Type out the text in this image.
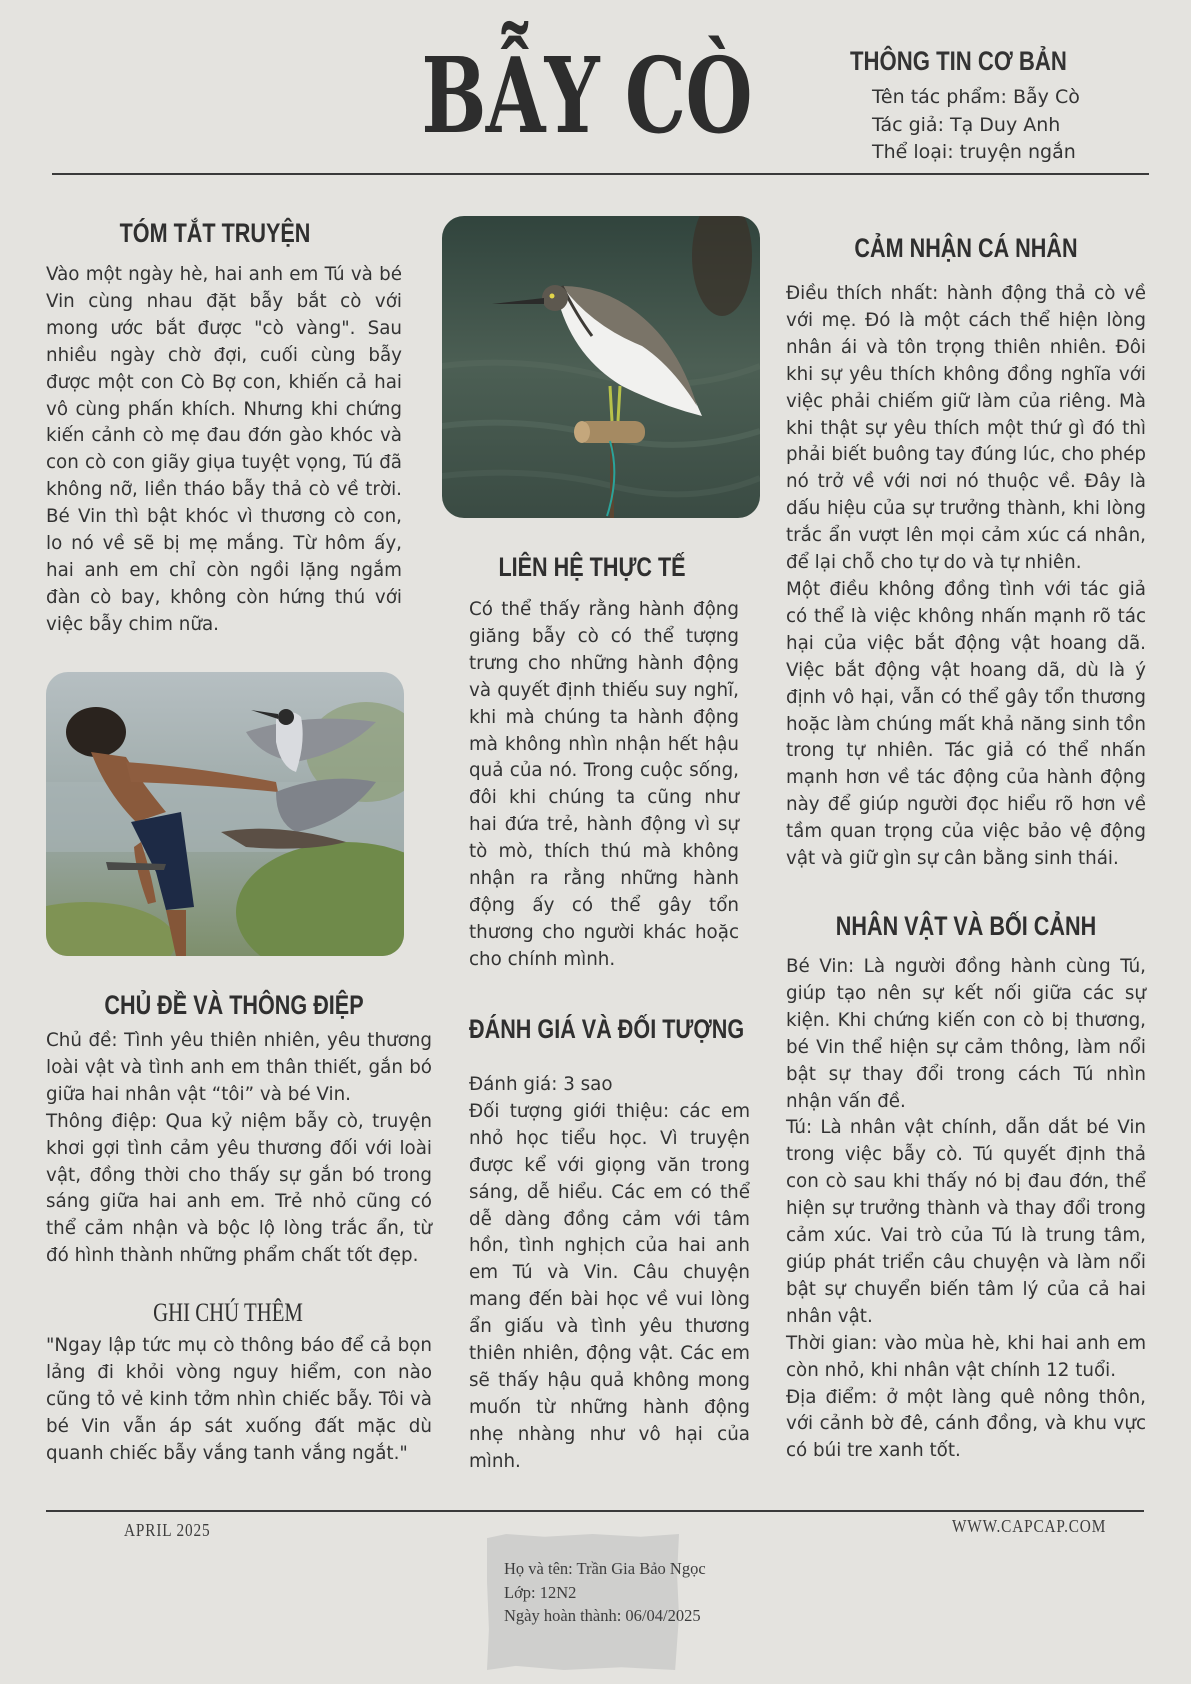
BẪY CÒ	THÔNG TIN CƠ BẢN
Tên tác phẩm: Bẫy Cò
Tác giả: Tạ Duy Anh
Thể loại: truyện ngắn
TÓM TẮT TRUYỆN

Vào một ngày hè, hai anh em Tú và bé Vin cùng nhau đặt bẫy bắt cò với mong ước bắt được "cò vàng". Sau nhiều ngày chờ đợi, cuối cùng bẫy được một con Cò Bợ con, khiến cả hai vô cùng phấn khích. Nhưng khi chứng kiến cảnh cò mẹ đau đớn gào khóc và con cò con giãy giụa tuyệt vọng, Tú đã không nỡ, liền tháo bẫy thả cò về trời. Bé Vin thì bật khóc vì thương cò con, lo nó về sẽ bị mẹ mắng. Từ hôm ấy, hai anh em chỉ còn ngồi lặng ngắm đàn cò bay, không còn hứng thú với việc bẫy chim nữa.

CHỦ ĐỀ VÀ THÔNG ĐIỆP
Chủ đề: Tình yêu thiên nhiên, yêu thương loài vật và tình anh em thân thiết, gắn bó giữa hai nhân vật “tôi” và bé Vin.
Thông điệp: Qua kỷ niệm bẫy cò, truyện khơi gợi tình cảm yêu thương đối với loài vật, đồng thời cho thấy sự gắn bó trong sáng giữa hai anh em. Trẻ nhỏ cũng có thể cảm nhận và bộc lộ lòng trắc ẩn, từ đó hình thành những phẩm chất tốt đẹp.
GHI CHÚ THÊM

"Ngay lập tức mụ cò thông báo để cả bọn lảng đi khỏi vòng nguy hiểm, con nào cũng tỏ vẻ kinh tởm nhìn chiếc bẫy. Tôi và bé Vin vẫn áp sát xuống đất mặc dù quanh chiếc bẫy vắng tanh vắng ngắt."

LIÊN HỆ THỰC TẾ

Có thể thấy rằng hành động giăng bẫy cò có thể tượng trưng cho những hành động và quyết định thiếu suy nghĩ, khi mà chúng ta hành động mà không nhìn nhận hết hậu quả của nó. Trong cuộc sống, đôi khi chúng ta cũng như hai đứa trẻ, hành động vì sự tò mò, thích thú mà không nhận ra rằng những hành động ấy có thể gây tổn thương cho người khác hoặc cho chính mình.

ĐÁNH GIÁ VÀ ĐỐI TƯỢNG
Đánh giá: 3 sao
Đối tượng giới thiệu: các em nhỏ học tiểu học. Vì truyện được kể với giọng văn trong sáng, dễ hiểu. Các em có thể dễ dàng đồng cảm với tâm hồn, tình nghịch của hai anh em Tú và Vin. Câu chuyện mang đến bài học về vui lòng ẩn giấu và tình yêu thương thiên nhiên, động vật. Các em sẽ thấy hậu quả không mong muốn từ những hành động nhẹ nhàng như vô hại của mình.
CẢM NHẬN CÁ NHÂN
Điều thích nhất: hành động thả cò về với mẹ. Đó là một cách thể hiện lòng nhân ái và tôn trọng thiên nhiên. Đôi khi sự yêu thích không đồng nghĩa với việc phải chiếm giữ làm của riêng. Mà khi thật sự yêu thích một thứ gì đó thì phải biết buông tay đúng lúc, cho phép nó trở về với nơi nó thuộc về. Đây là dấu hiệu của sự trưởng thành, khi lòng trắc ẩn vượt lên mọi cảm xúc cá nhân, để lại chỗ cho tự do và tự nhiên.
Một điều không đồng tình với tác giả có thể là việc không nhấn mạnh rõ tác hại của việc bắt động vật hoang dã. Việc bắt động vật hoang dã, dù là ý định vô hại, vẫn có thể gây tổn thương hoặc làm chúng mất khả năng sinh tồn trong tự nhiên. Tác giả có thể nhấn mạnh hơn về tác động của hành động này để giúp người đọc hiểu rõ hơn về tầm quan trọng của việc bảo vệ động vật và giữ gìn sự cân bằng sinh thái.
NHÂN VẬT VÀ BỐI CẢNH
Bé Vin: Là người đồng hành cùng Tú, giúp tạo nên sự kết nối giữa các sự kiện. Khi chứng kiến con cò bị thương, bé Vin thể hiện sự cảm thông, làm nổi bật sự thay đổi trong cách Tú nhìn nhận vấn đề.
Tú: Là nhân vật chính, dẫn dắt bé Vin trong việc bẫy cò. Tú quyết định thả con cò sau khi thấy nó bị đau đớn, thể hiện sự trưởng thành và thay đổi trong cảm xúc. Vai trò của Tú là trung tâm, giúp phát triển câu chuyện và làm nổi bật sự chuyển biến tâm lý của cả hai nhân vật.
Thời gian: vào mùa hè, khi hai anh em còn nhỏ, khi nhân vật chính 12 tuổi.
Địa điểm: ở một làng quê nông thôn, với cảnh bờ đê, cánh đồng, và khu vực có búi tre xanh tốt.
APRIL 2025	WWW.CAPCAP.COM
Họ và tên: Trần Gia Bảo Ngọc
Lớp: 12N2
Ngày hoàn thành: 06/04/2025
